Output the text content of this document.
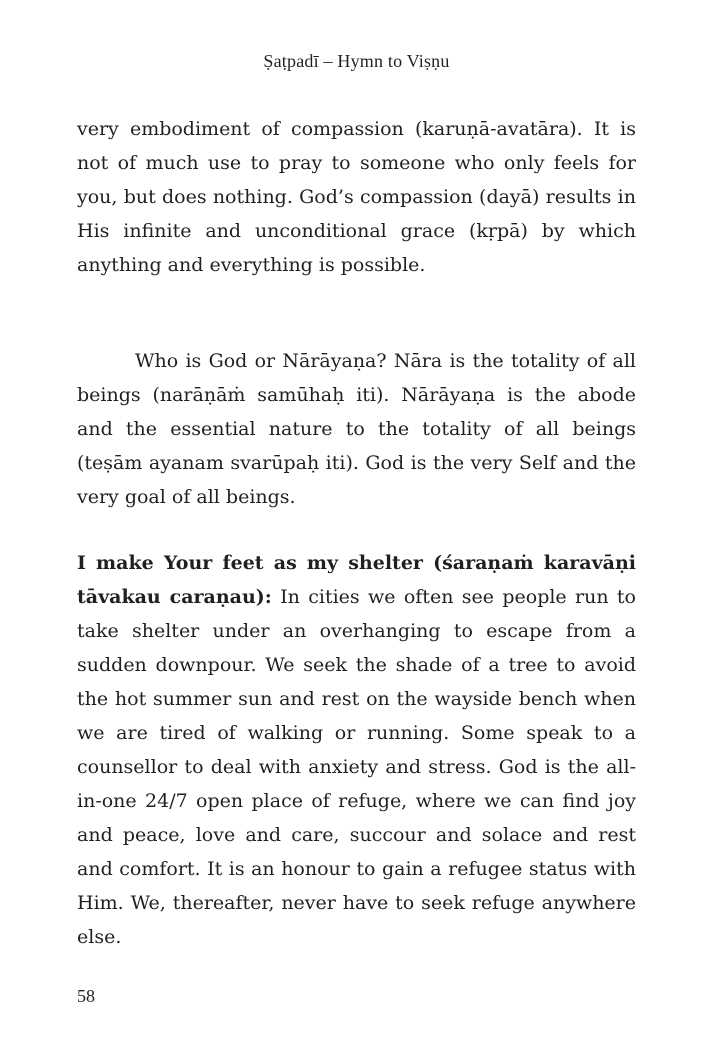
Ṣaṭpadī – Hymn to Viṣṇu

very embodiment of compassion (karuṇā-avatāra). It is not of much use to pray to someone who only feels for you, but does nothing. God’s compassion (dayā) results in His infinite and unconditional grace (kṛpā) by which anything and everything is possible.

Who is God or Nārāyaṇa? Nāra is the totality of all beings (narāṇāṁ samūhaḥ iti). Nārāyaṇa is the abode and the essential nature to the totality of all beings (teṣām ayanam svarūpaḥ iti). God is the very Self and the very goal of all beings.

I make Your feet as my shelter (śaraṇaṁ karavāṇi tāvakau caraṇau): In cities we often see people run to take shelter under an overhanging to escape from a sudden downpour. We seek the shade of a tree to avoid the hot summer sun and rest on the wayside bench when we are tired of walking or running. Some speak to a counsellor to deal with anxiety and stress. God is the all-in-one 24/7 open place of refuge, where we can find joy and peace, love and care, succour and solace and rest and comfort. It is an honour to gain a refugee status with Him. We, thereafter, never have to seek refuge anywhere else.

58
